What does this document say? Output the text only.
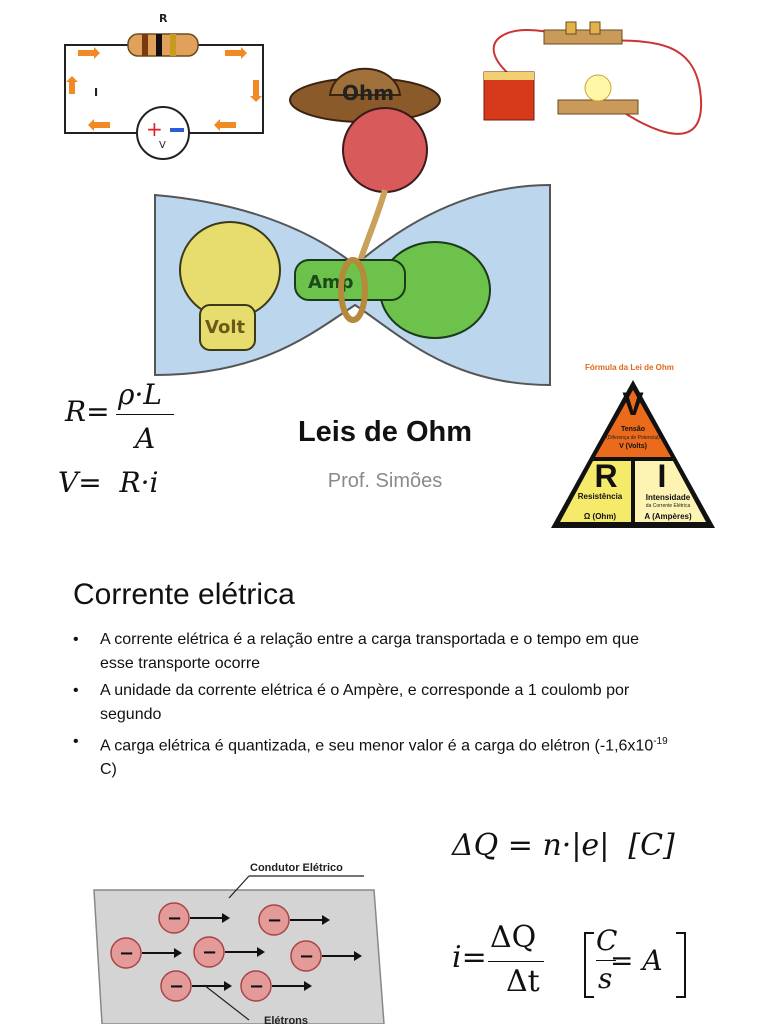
+
V
R
I	Ohm
Volt
Amp
R=
ρ·L
A
V=  R·i
Leis de Ohm
Prof. Simões
Fórmula da Lei de Ohm
V
Tensão
(Diferença de Potencial)
V (Volts)
R
Resistência
Ω (Ohm)
I
Intensidade
da Corrente Elétrica
A (Ampères)
Corrente elétrica
• A corrente elétrica é a relação entre a carga transportada e o tempo em que esse transporte ocorre
• A unidade da corrente elétrica é o Ampère, e corresponde a 1 coulomb por segundo
• A carga elétrica é quantizada, e seu menor valor é a carga do elétron ($-1,6x10^{-19}$ C)
ΔQ = n·|e|  [C]
i=
ΔQ
Δt
C
s
= A
Condutor Elétrico
−	−
−	−	−
−	−
Elétrons
